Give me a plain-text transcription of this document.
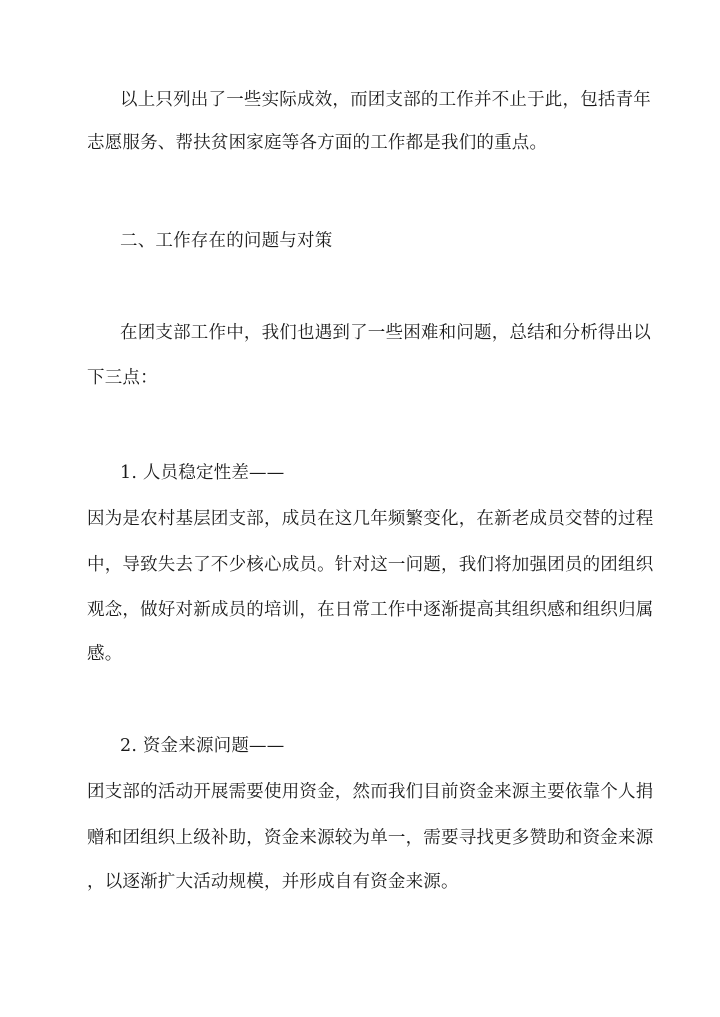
以上只列出了一些实际成效，而团支部的工作并不止于此，包括青年
志愿服务、帮扶贫困家庭等各方面的工作都是我们的重点。
二、工作存在的问题与对策
在团支部工作中，我们也遇到了一些困难和问题，总结和分析得出以
下三点：
1. 人员稳定性差——
因为是农村基层团支部，成员在这几年频繁变化，在新老成员交替的过程
中，导致失去了不少核心成员。针对这一问题，我们将加强团员的团组织
观念，做好对新成员的培训，在日常工作中逐渐提高其组织感和组织归属
感。
2. 资金来源问题——
团支部的活动开展需要使用资金，然而我们目前资金来源主要依靠个人捐
赠和团组织上级补助，资金来源较为单一，需要寻找更多赞助和资金来源
，以逐渐扩大活动规模，并形成自有资金来源。
